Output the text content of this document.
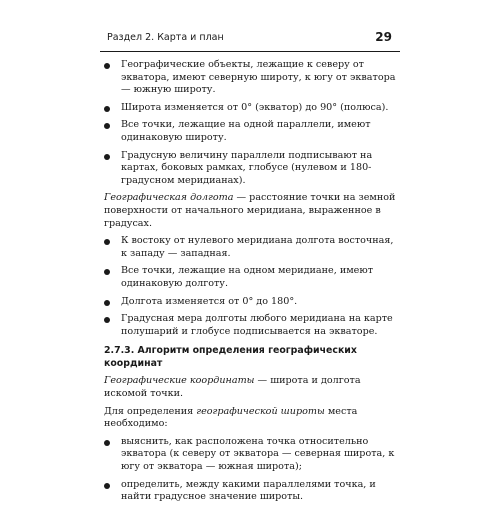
Раздел 2. Карта и план	29
Географические объекты, лежащие к северу от экватора, имеют северную широту, к югу от экватора — южную широту.
Широта изменяется от 0° (экватор) до 90° (полюса).
Все точки, лежащие на одной параллели, имеют одинаковую широту.
Градусную величину параллели подписывают на картах, боковых рамках, глобусе (нулевом и 180-градусном меридианах).

Географическая долгота — расстояние точки на земной поверхности от начального меридиана, выраженное в градусах.

К востоку от нулевого меридиана долгота восточная, к западу — западная.
Все точки, лежащие на одном меридиане, имеют одинаковую долготу.
Долгота изменяется от 0° до 180°.
Градусная мера долготы любого меридиана на карте полушарий и глобусе подписывается на экваторе.
2.7.3. Алгоритм определения географических координат

Географические координаты — широта и долгота искомой точки.

Для определения географической широты места необходимо:

выяснить, как расположена точка относительно экватора (к северу от экватора — северная широта, к югу от экватора — южная широта);
определить, между какими параллелями точка, и найти градусное значение широты.
